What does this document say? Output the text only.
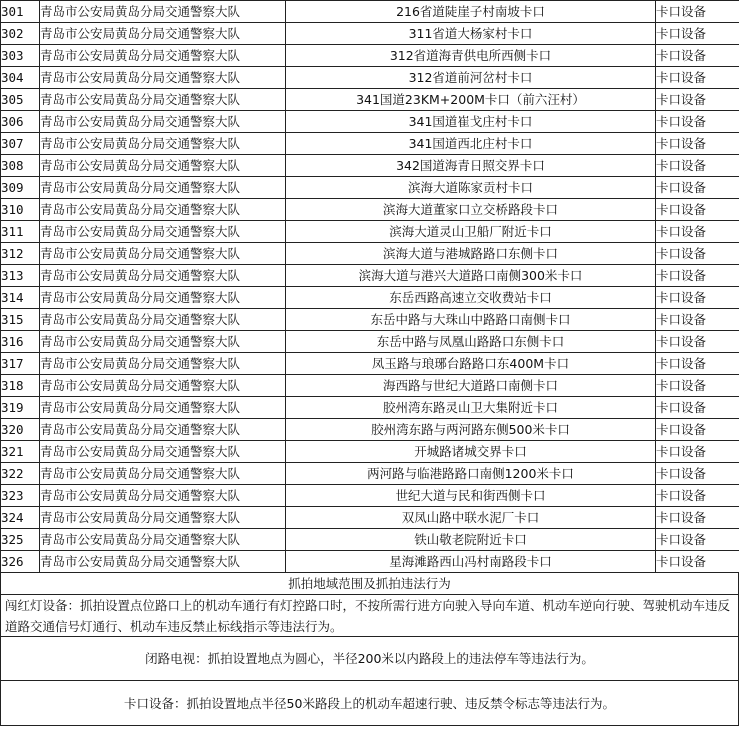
301	青岛市公安局黄岛分局交通警察大队	216省道陡崖子村南坡卡口	卡口设备
302	青岛市公安局黄岛分局交通警察大队	311省道大杨家村卡口	卡口设备
303	青岛市公安局黄岛分局交通警察大队	312省道海青供电所西侧卡口	卡口设备
304	青岛市公安局黄岛分局交通警察大队	312省道前河岔村卡口	卡口设备
305	青岛市公安局黄岛分局交通警察大队	341国道23KM+200M卡口（前六汪村）	卡口设备
306	青岛市公安局黄岛分局交通警察大队	341国道崔戈庄村卡口	卡口设备
307	青岛市公安局黄岛分局交通警察大队	341国道西北庄村卡口	卡口设备
308	青岛市公安局黄岛分局交通警察大队	342国道海青日照交界卡口	卡口设备
309	青岛市公安局黄岛分局交通警察大队	滨海大道陈家贡村卡口	卡口设备
310	青岛市公安局黄岛分局交通警察大队	滨海大道董家口立交桥路段卡口	卡口设备
311	青岛市公安局黄岛分局交通警察大队	滨海大道灵山卫船厂附近卡口	卡口设备
312	青岛市公安局黄岛分局交通警察大队	滨海大道与港城路路口东侧卡口	卡口设备
313	青岛市公安局黄岛分局交通警察大队	滨海大道与港兴大道路口南侧300米卡口	卡口设备
314	青岛市公安局黄岛分局交通警察大队	东岳西路高速立交收费站卡口	卡口设备
315	青岛市公安局黄岛分局交通警察大队	东岳中路与大珠山中路路口南侧卡口	卡口设备
316	青岛市公安局黄岛分局交通警察大队	东岳中路与凤凰山路路口东侧卡口	卡口设备
317	青岛市公安局黄岛分局交通警察大队	凤玉路与琅琊台路路口东400M卡口	卡口设备
318	青岛市公安局黄岛分局交通警察大队	海西路与世纪大道路口南侧卡口	卡口设备
319	青岛市公安局黄岛分局交通警察大队	胶州湾东路灵山卫大集附近卡口	卡口设备
320	青岛市公安局黄岛分局交通警察大队	胶州湾东路与两河路东侧500米卡口	卡口设备
321	青岛市公安局黄岛分局交通警察大队	开城路诸城交界卡口	卡口设备
322	青岛市公安局黄岛分局交通警察大队	两河路与临港路路口南侧1200米卡口	卡口设备
323	青岛市公安局黄岛分局交通警察大队	世纪大道与民和街西侧卡口	卡口设备
324	青岛市公安局黄岛分局交通警察大队	双凤山路中联水泥厂卡口	卡口设备
325	青岛市公安局黄岛分局交通警察大队	铁山敬老院附近卡口	卡口设备
326	青岛市公安局黄岛分局交通警察大队	星海滩路西山冯村南路段卡口	卡口设备
抓拍地域范围及抓拍违法行为
闯红灯设备：抓拍设置点位路口上的机动车通行有灯控路口时，不按所需行进方向驶入导向车道、机动车逆向行驶、驾驶机动车违反道路交通信号灯通行、机动车违反禁止标线指示等违法行为。
闭路电视：抓拍设置地点为圆心，半径200米以内路段上的违法停车等违法行为。
卡口设备：抓拍设置地点半径50米路段上的机动车超速行驶、违反禁令标志等违法行为。
